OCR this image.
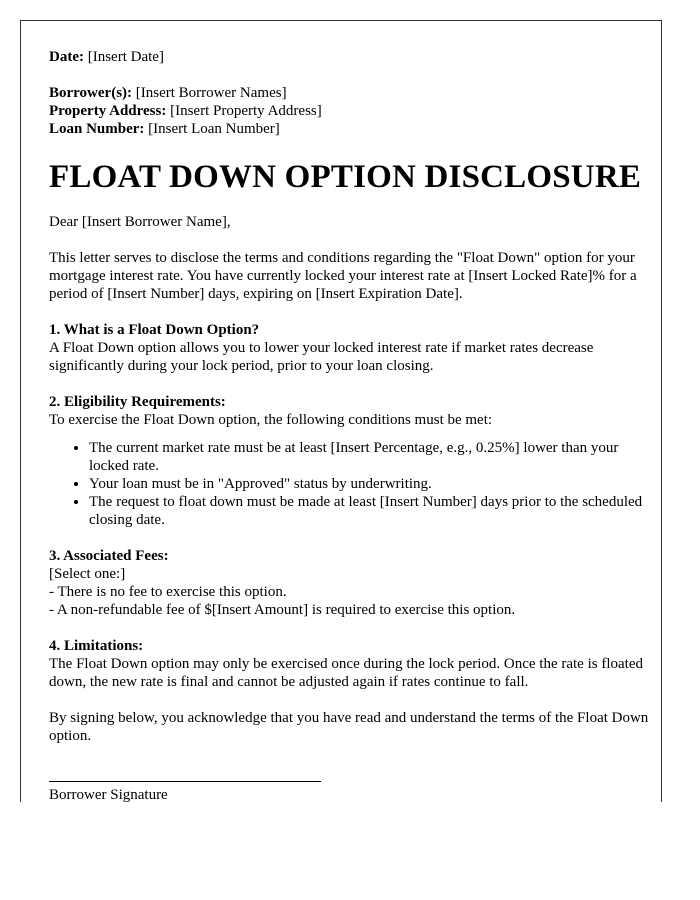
Date: [Insert Date]

Borrower(s): [Insert Borrower Names]
Property Address: [Insert Property Address]
Loan Number: [Insert Loan Number]

FLOAT DOWN OPTION DISCLOSURE

Dear [Insert Borrower Name],

This letter serves to disclose the terms and conditions regarding the "Float Down" option for your mortgage interest rate. You have currently locked your interest rate at [Insert Locked Rate]% for a period of [Insert Number] days, expiring on [Insert Expiration Date].

1. What is a Float Down Option?
A Float Down option allows you to lower your locked interest rate if market rates decrease significantly during your lock period, prior to your loan closing.

2. Eligibility Requirements:
To exercise the Float Down option, the following conditions must be met:
• The current market rate must be at least [Insert Percentage, e.g., 0.25%] lower than your locked rate.
• Your loan must be in "Approved" status by underwriting.
• The request to float down must be made at least [Insert Number] days prior to the scheduled closing date.

3. Associated Fees:
[Select one:]
- There is no fee to exercise this option.
- A non-refundable fee of $[Insert Amount] is required to exercise this option.

4. Limitations:
The Float Down option may only be exercised once during the lock period. Once the rate is floated down, the new rate is final and cannot be adjusted again if rates continue to fall.

By signing below, you acknowledge that you have read and understand the terms of the Float Down option.

Borrower Signature
